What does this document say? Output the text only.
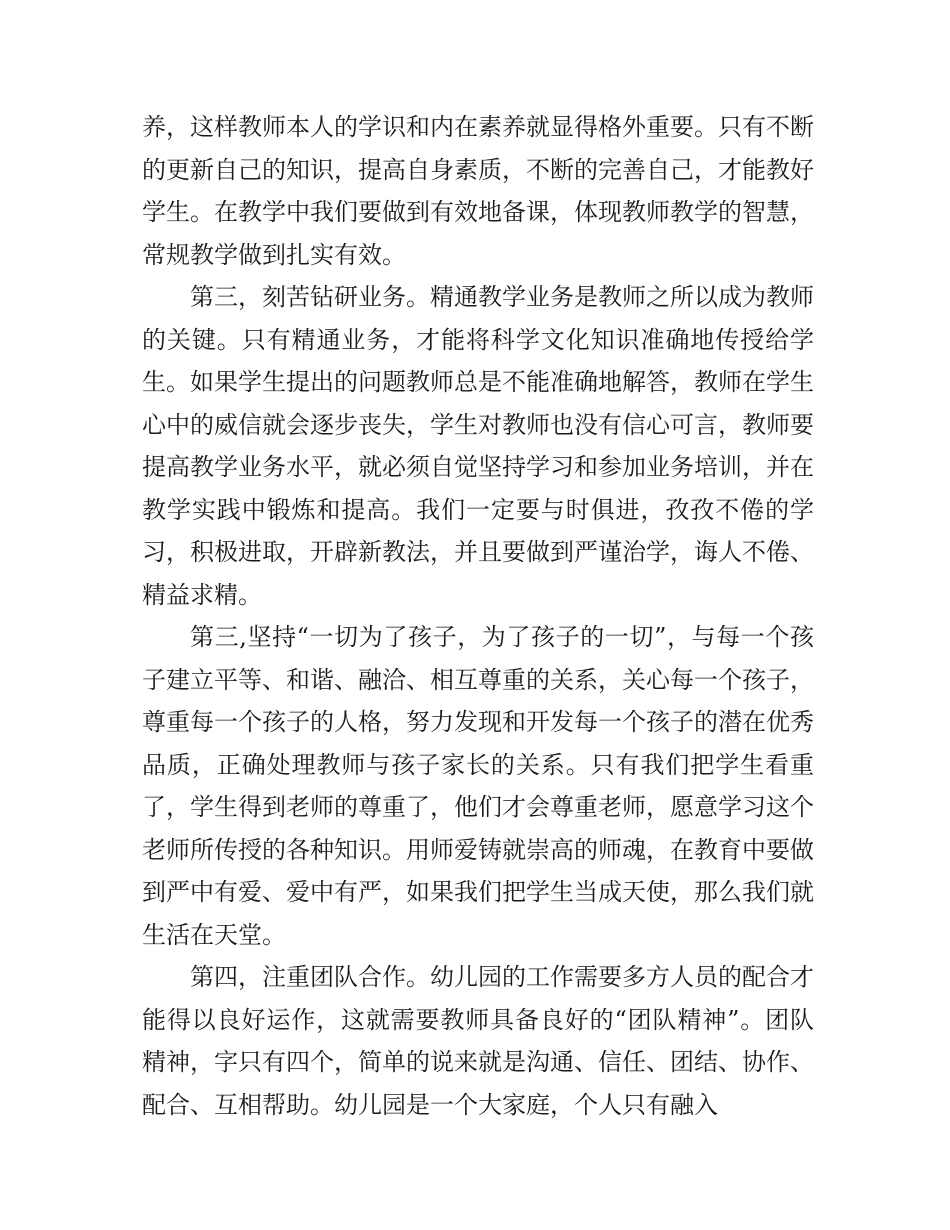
养，这样教师本人的学识和内在素养就显得格外重要。只有不断的更新自己的知识，提高自身素质，不断的完善自己，才能教好学生。在教学中我们要做到有效地备课，体现教师教学的智慧，常规教学做到扎实有效。

第三，刻苦钻研业务。精通教学业务是教师之所以成为教师的关键。只有精通业务，才能将科学文化知识准确地传授给学生。如果学生提出的问题教师总是不能准确地解答，教师在学生心中的威信就会逐步丧失，学生对教师也没有信心可言，教师要提高教学业务水平，就必须自觉坚持学习和参加业务培训，并在教学实践中锻炼和提高。我们一定要与时俱进，孜孜不倦的学习，积极进取，开辟新教法，并且要做到严谨治学，诲人不倦、精益求精。

第三,坚持“一切为了孩子，为了孩子的一切”，与每一个孩子建立平等、和谐、融洽、相互尊重的关系，关心每一个孩子，尊重每一个孩子的人格，努力发现和开发每一个孩子的潜在优秀品质，正确处理教师与孩子家长的关系。只有我们把学生看重了，学生得到老师的尊重了，他们才会尊重老师，愿意学习这个老师所传授的各种知识。用师爱铸就崇高的师魂，在教育中要做到严中有爱、爱中有严，如果我们把学生当成天使，那么我们就生活在天堂。

第四，注重团队合作。幼儿园的工作需要多方人员的配合才能得以良好运作，这就需要教师具备良好的“团队精神”。团队精神，字只有四个，简单的说来就是沟通、信任、团结、协作、配合、互相帮助。幼儿园是一个大家庭，个人只有融入
